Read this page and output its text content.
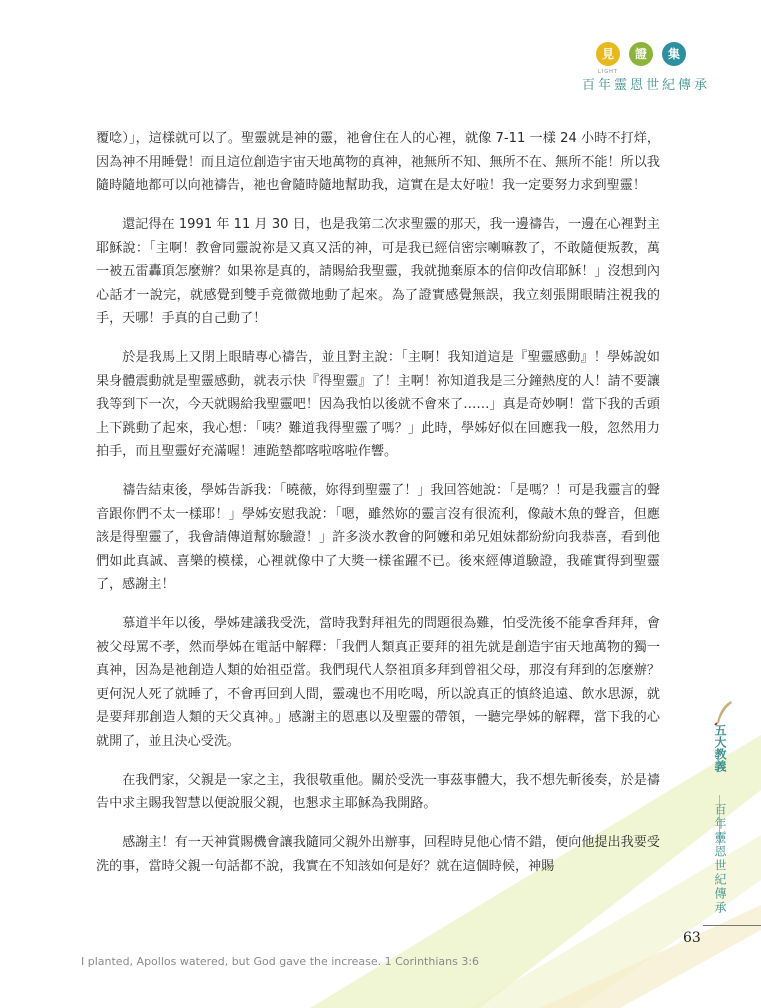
見	證	集
LIGHT
百年靈恩世紀傳承

覆唸）」，這樣就可以了。聖靈就是神的靈，祂會住在人的心裡，就像 7-11 一樣 24 小時不打烊，因為神不用睡覺！而且這位創造宇宙天地萬物的真神，祂無所不知、無所不在、無所不能！所以我隨時隨地都可以向祂禱告，祂也會隨時隨地幫助我，這實在是太好啦！我一定要努力求到聖靈！

還記得在 1991 年 11 月 30 日，也是我第二次求聖靈的那天，我一邊禱告，一邊在心裡對主耶穌說：「主啊！教會同靈說祢是又真又活的神，可是我已經信密宗喇嘛教了，不敢隨便叛教，萬一被五雷轟頂怎麼辦？如果祢是真的，請賜給我聖靈，我就拋棄原本的信仰改信耶穌！」沒想到內心話才一說完，就感覺到雙手竟微微地動了起來。為了證實感覺無誤，我立刻張開眼睛注視我的手，天哪！手真的自己動了！

於是我馬上又閉上眼睛專心禱告，並且對主說：「主啊！我知道這是『聖靈感動』！學姊說如果身體震動就是聖靈感動，就表示快『得聖靈』了！主啊！祢知道我是三分鐘熱度的人！請不要讓我等到下一次，今天就賜給我聖靈吧！因為我怕以後就不會來了……」真是奇妙啊！當下我的舌頭上下跳動了起來，我心想：「咦？難道我得聖靈了嗎？」此時，學姊好似在回應我一般，忽然用力拍手，而且聖靈好充滿喔！連跪墊都喀啦喀啦作響。

禱告結束後，學姊告訴我：「曉薇，妳得到聖靈了！」我回答她說：「是嗎？！可是我靈言的聲音跟你們不太一樣耶！」學姊安慰我說：「嗯，雖然妳的靈言沒有很流利，像敲木魚的聲音，但應該是得聖靈了，我會請傳道幫妳驗證！」許多淡水教會的阿嬤和弟兄姐妹都紛紛向我恭喜，看到他們如此真誠、喜樂的模樣，心裡就像中了大獎一樣雀躍不已。後來經傳道驗證，我確實得到聖靈了，感謝主！

慕道半年以後，學姊建議我受洗，當時我對拜祖先的問題很為難，怕受洗後不能拿香拜拜，會被父母罵不孝，然而學姊在電話中解釋：「我們人類真正要拜的祖先就是創造宇宙天地萬物的獨一真神，因為是祂創造人類的始祖亞當。我們現代人祭祖頂多拜到曾祖父母，那沒有拜到的怎麼辦？更何況人死了就睡了，不會再回到人間，靈魂也不用吃喝，所以說真正的慎終追遠、飲水思源，就是要拜那創造人類的天父真神。」感謝主的恩惠以及聖靈的帶領，一聽完學姊的解釋，當下我的心就開了，並且決心受洗。

在我們家，父親是一家之主，我很敬重他。關於受洗一事茲事體大，我不想先斬後奏，於是禱告中求主賜我智慧以便說服父親，也懇求主耶穌為我開路。

感謝主！有一天神賞賜機會讓我隨同父親外出辦事，回程時見他心情不錯，便向他提出我要受洗的事，當時父親一句話都不說，我實在不知該如何是好？就在這個時候，神賜

五大教義
百年靈恩世紀傳承
63
I planted, Apollos watered, but God gave the increase. 1 Corinthians 3:6
